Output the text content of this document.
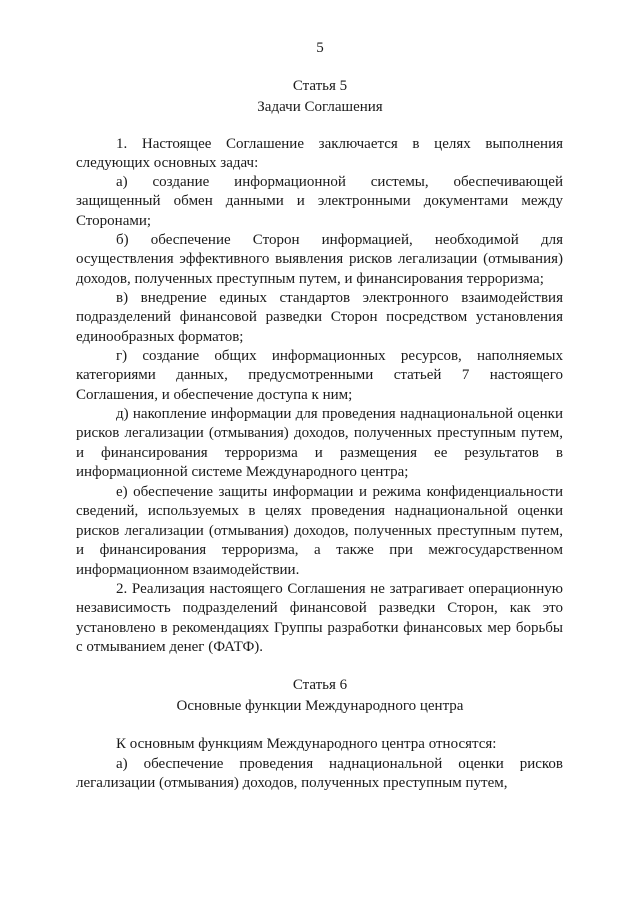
5
Статья 5
Задачи Соглашения

1. Настоящее Соглашение заключается в целях выполнения следующих основных задач:

а) создание информационной системы, обеспечивающей защищенный обмен данными и электронными документами между Сторонами;

б) обеспечение Сторон информацией, необходимой для осуществления эффективного выявления рисков легализации (отмывания) доходов, полученных преступным путем, и финансирования терроризма;

в) внедрение единых стандартов электронного взаимодействия подразделений финансовой разведки Сторон посредством установления единообразных форматов;

г) создание общих информационных ресурсов, наполняемых категориями данных, предусмотренными статьей 7 настоящего Соглашения, и обеспечение доступа к ним;

д) накопление информации для проведения наднациональной оценки рисков легализации (отмывания) доходов, полученных преступным путем, и финансирования терроризма и размещения ее результатов в информационной системе Международного центра;

е) обеспечение защиты информации и режима конфиденциальности сведений, используемых в целях проведения наднациональной оценки рисков легализации (отмывания) доходов, полученных преступным путем, и финансирования терроризма, а также при межгосударственном информационном взаимодействии.

2. Реализация настоящего Соглашения не затрагивает операционную независимость подразделений финансовой разведки Сторон, как это установлено в рекомендациях Группы разработки финансовых мер борьбы с отмыванием денег (ФАТФ).

Статья 6
Основные функции Международного центра

К основным функциям Международного центра относятся:

а) обеспечение проведения наднациональной оценки рисков легализации (отмывания) доходов, полученных преступным путем,
